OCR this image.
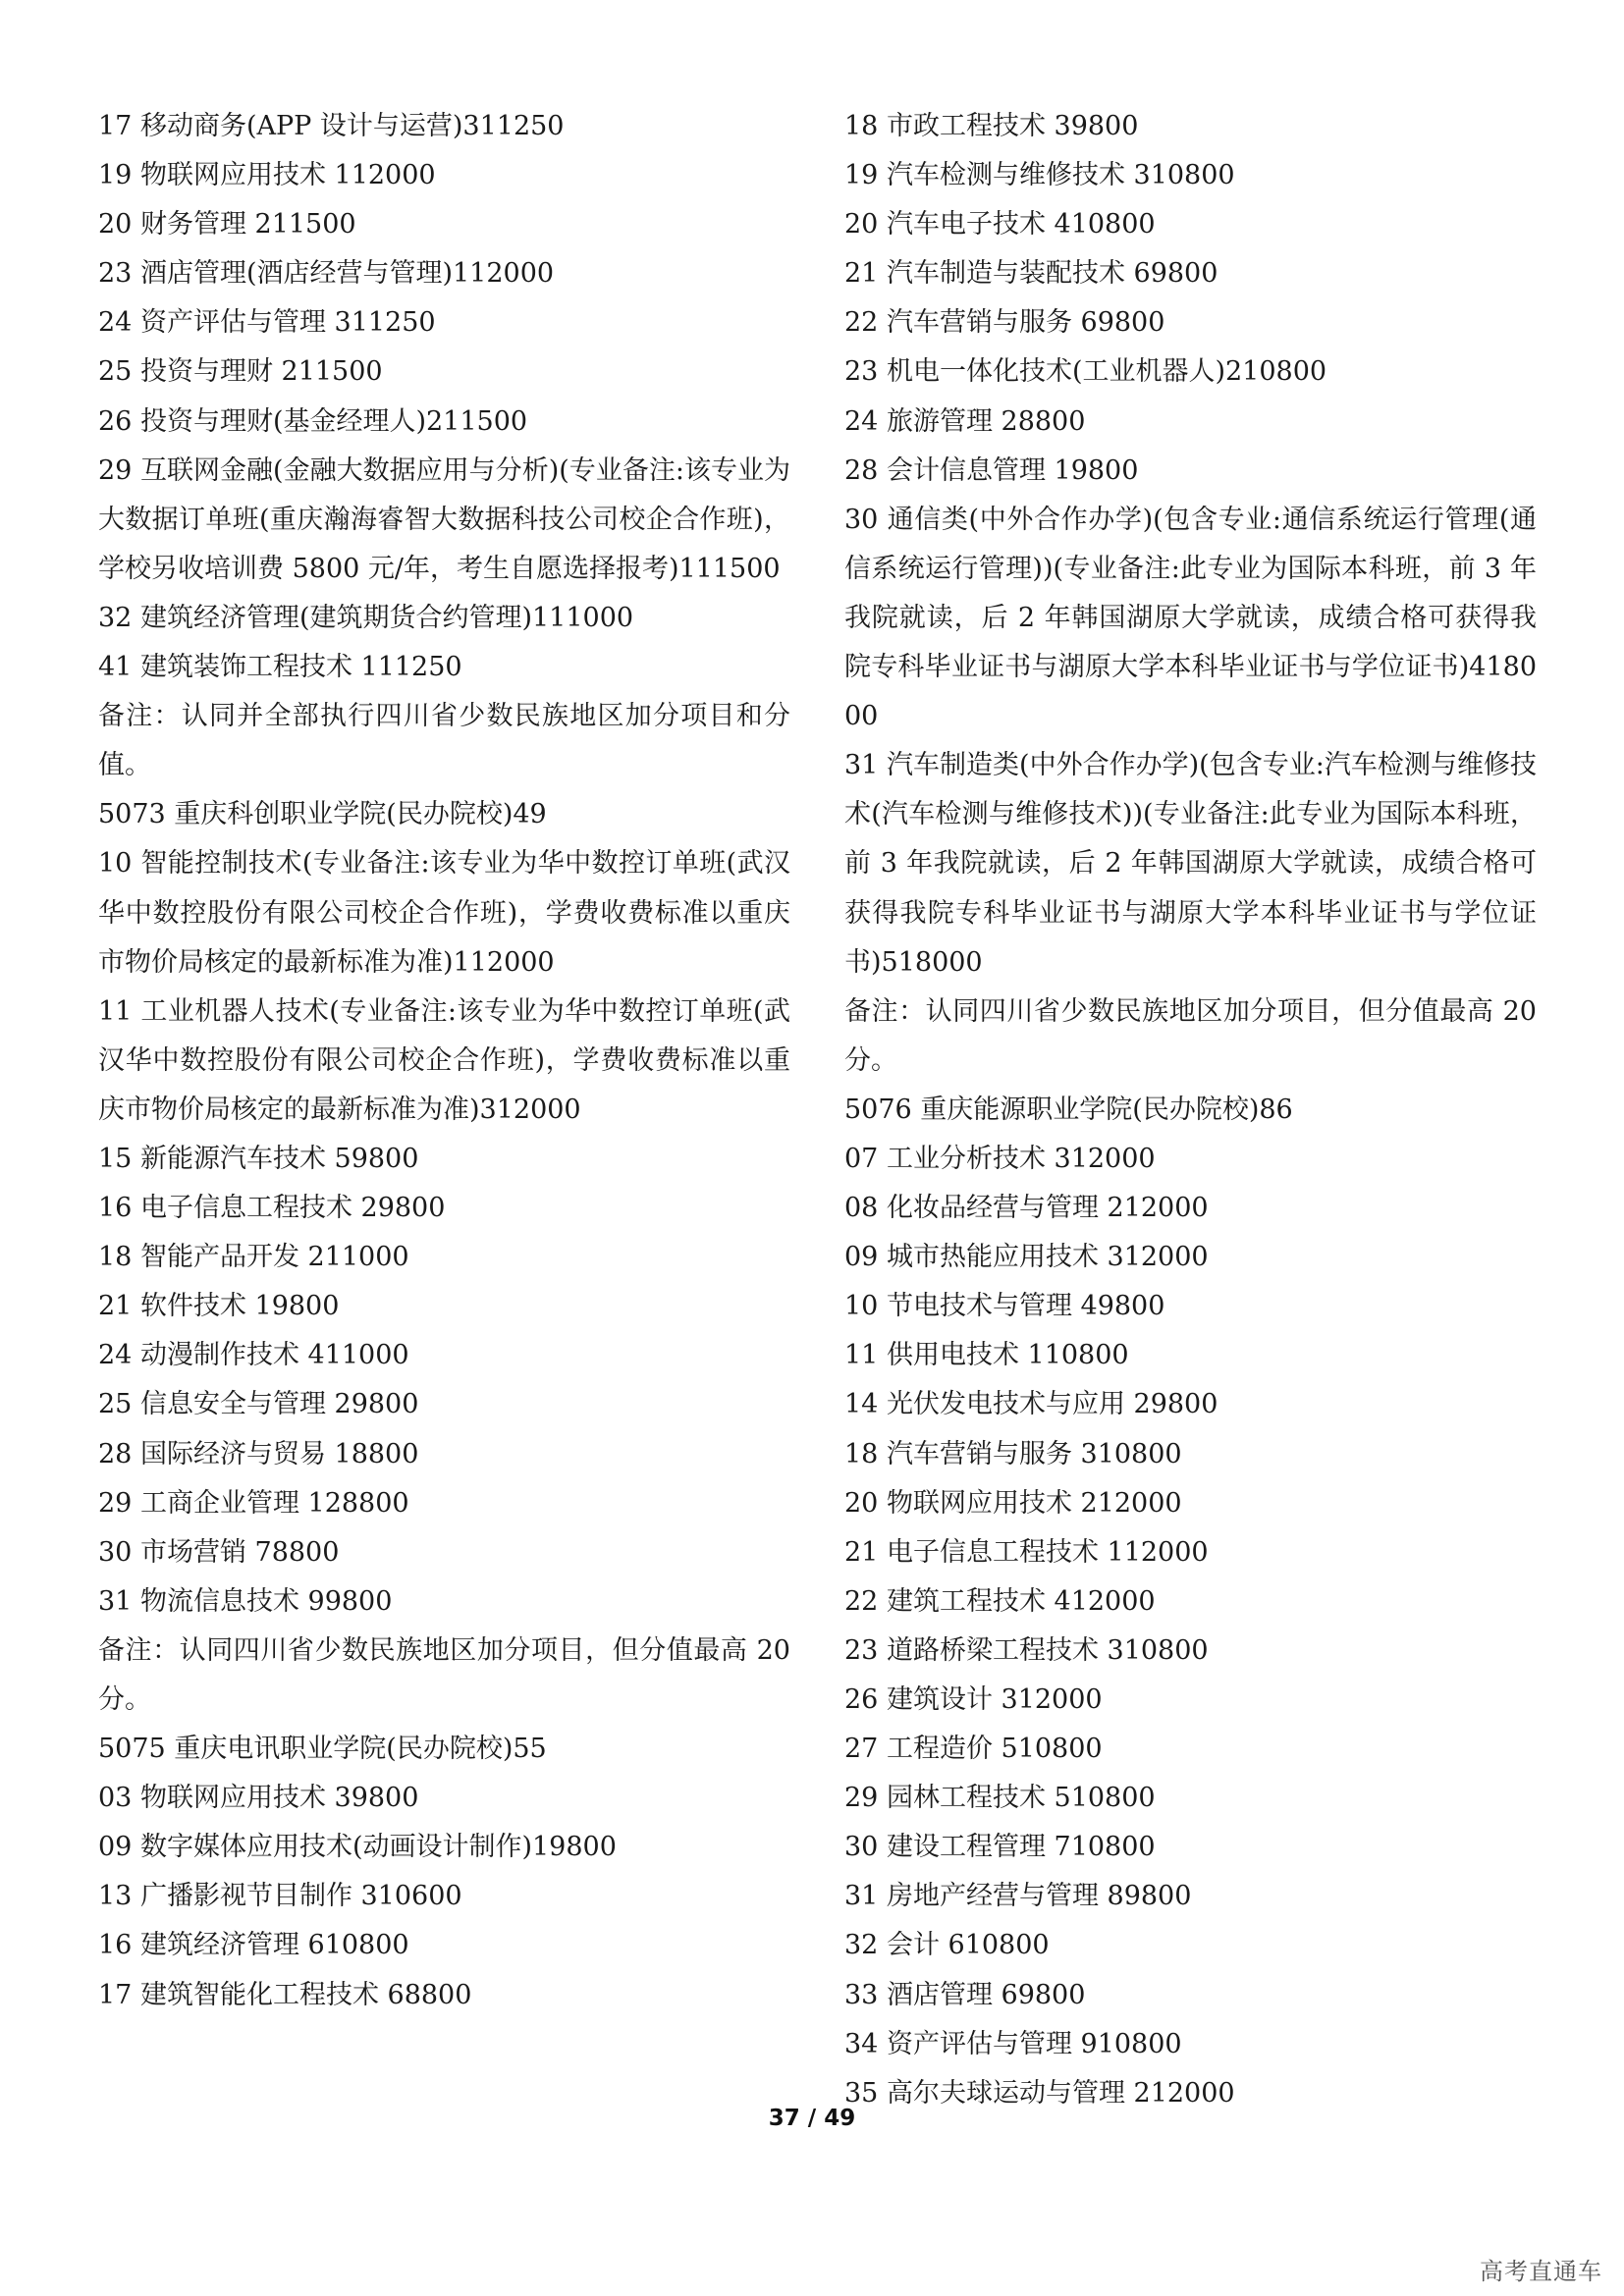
17 移动商务(APP 设计与运营)311250

19 物联网应用技术 112000

20 财务管理 211500

23 酒店管理(酒店经营与管理)112000

24 资产评估与管理 311250

25 投资与理财 211500

26 投资与理财(基金经理人)211500

29 互联网金融(金融大数据应用与分析)(专业备注:该专业为大数据订单班(重庆瀚海睿智大数据科技公司校企合作班)，学校另收培训费 5800 元/年，考生自愿选择报考)111500

32 建筑经济管理(建筑期货合约管理)111000

41 建筑装饰工程技术 111250

备注：认同并全部执行四川省少数民族地区加分项目和分值。

5073 重庆科创职业学院(民办院校)49

10 智能控制技术(专业备注:该专业为华中数控订单班(武汉华中数控股份有限公司校企合作班)，学费收费标准以重庆市物价局核定的最新标准为准)112000

11 工业机器人技术(专业备注:该专业为华中数控订单班(武汉华中数控股份有限公司校企合作班)，学费收费标准以重庆市物价局核定的最新标准为准)312000

15 新能源汽车技术 59800

16 电子信息工程技术 29800

18 智能产品开发 211000

21 软件技术 19800

24 动漫制作技术 411000

25 信息安全与管理 29800

28 国际经济与贸易 18800

29 工商企业管理 128800

30 市场营销 78800

31 物流信息技术 99800

备注：认同四川省少数民族地区加分项目，但分值最高 20 分。

5075 重庆电讯职业学院(民办院校)55

03 物联网应用技术 39800

09 数字媒体应用技术(动画设计制作)19800

13 广播影视节目制作 310600

16 建筑经济管理 610800

17 建筑智能化工程技术 68800

18 市政工程技术 39800

19 汽车检测与维修技术 310800

20 汽车电子技术 410800

21 汽车制造与装配技术 69800

22 汽车营销与服务 69800

23 机电一体化技术(工业机器人)210800

24 旅游管理 28800

28 会计信息管理 19800

30 通信类(中外合作办学)(包含专业:通信系统运行管理(通信系统运行管理))(专业备注:此专业为国际本科班，前 3 年我院就读，后 2 年韩国湖原大学就读，成绩合格可获得我院专科毕业证书与湖原大学本科毕业证书与学位证书)418000

31 汽车制造类(中外合作办学)(包含专业:汽车检测与维修技术(汽车检测与维修技术))(专业备注:此专业为国际本科班，前 3 年我院就读，后 2 年韩国湖原大学就读，成绩合格可获得我院专科毕业证书与湖原大学本科毕业证书与学位证书)518000

备注：认同四川省少数民族地区加分项目，但分值最高 20 分。

5076 重庆能源职业学院(民办院校)86

07 工业分析技术 312000

08 化妆品经营与管理 212000

09 城市热能应用技术 312000

10 节电技术与管理 49800

11 供用电技术 110800

14 光伏发电技术与应用 29800

18 汽车营销与服务 310800

20 物联网应用技术 212000

21 电子信息工程技术 112000

22 建筑工程技术 412000

23 道路桥梁工程技术 310800

26 建筑设计 312000

27 工程造价 510800

29 园林工程技术 510800

30 建设工程管理 710800

31 房地产经营与管理 89800

32 会计 610800

33 酒店管理 69800

34 资产评估与管理 910800

35 高尔夫球运动与管理 212000

37 / 49
高考直通车
